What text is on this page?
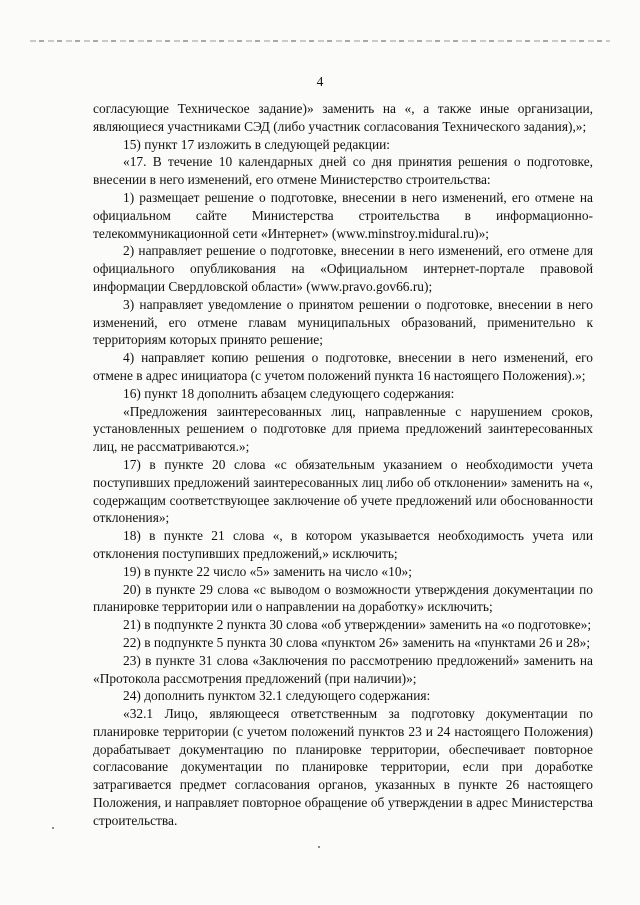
4

согласующие Техническое задание)» заменить на «, а также иные организации, являющиеся участниками СЭД (либо участник согласования Технического задания),»;

15) пункт 17 изложить в следующей редакции:

«17. В течение 10 календарных дней со дня принятия решения о подготовке, внесении в него изменений, его отмене Министерство строительства:

1) размещает решение о подготовке, внесении в него изменений, его отмене на официальном сайте Министерства строительства в информационно-телекоммуникационной сети «Интернет» (www.minstroy.midural.ru)»;

2) направляет решение о подготовке, внесении в него изменений, его отмене для официального опубликования на «Официальном интернет-портале правовой информации Свердловской области» (www.pravo.gov66.ru);

3) направляет уведомление о принятом решении о подготовке, внесении в него изменений, его отмене главам муниципальных образований, применительно к территориям которых принято решение;

4) направляет копию решения о подготовке, внесении в него изменений, его отмене в адрес инициатора (с учетом положений пункта 16 настоящего Положения).»;

16) пункт 18 дополнить абзацем следующего содержания:

«Предложения заинтересованных лиц, направленные с нарушением сроков, установленных решением о подготовке для приема предложений заинтересованных лиц, не рассматриваются.»;

17) в пункте 20 слова «с обязательным указанием о необходимости учета поступивших предложений заинтересованных лиц либо об отклонении» заменить на «, содержащим соответствующее заключение об учете предложений или обоснованности отклонения»;

18) в пункте 21 слова «, в котором указывается необходимость учета или отклонения поступивших предложений,» исключить;

19) в пункте 22 число «5» заменить на число «10»;

20) в пункте 29 слова «с выводом о возможности утверждения документации по планировке территории или о направлении на доработку» исключить;

21) в подпункте 2 пункта 30 слова «об утверждении» заменить на «о подготовке»;

22) в подпункте 5 пункта 30 слова «пунктом 26» заменить на «пунктами 26 и 28»;

23) в пункте 31 слова «Заключения по рассмотрению предложений» заменить на «Протокола рассмотрения предложений (при наличии)»;

24) дополнить пунктом 32.1 следующего содержания:

«32.1 Лицо, являющееся ответственным за подготовку документации по планировке территории (с учетом положений пунктов 23 и 24 настоящего Положения) дорабатывает документацию по планировке территории, обеспечивает повторное согласование документации по планировке территории, если при доработке затрагивается предмет согласования органов, указанных в пункте 26 настоящего Положения, и направляет повторное обращение об утверждении в адрес Министерства строительства.
